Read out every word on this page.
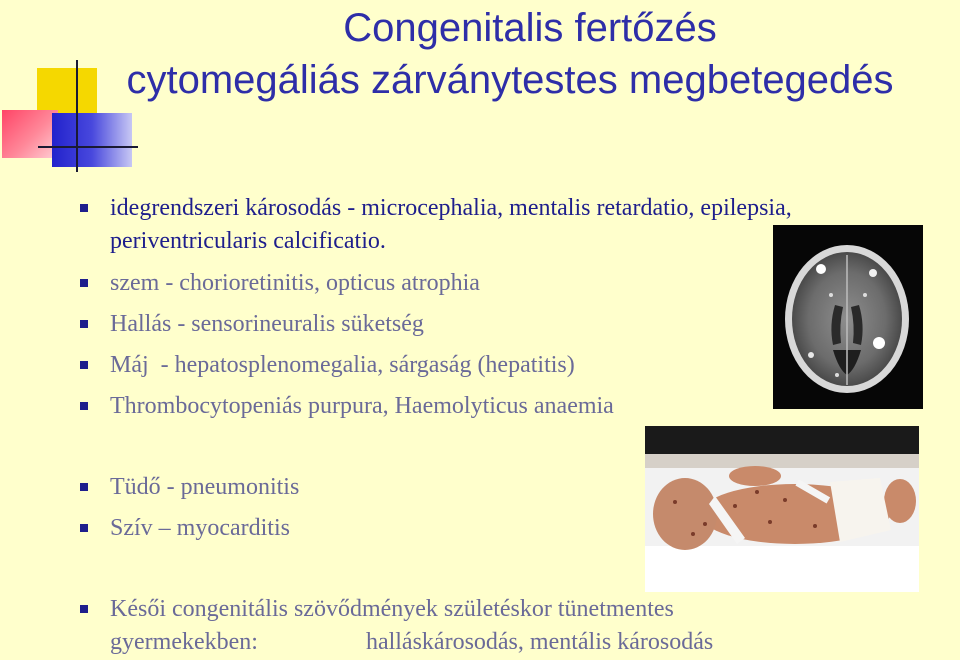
Congenitalis fertőzés
cytomegáliás zárványtestes megbetegedés
idegrendszeri károsodás - microcephalia, mentalis retardatio, epilepsia,
periventricularis calcificatio.
szem - chorioretinitis, opticus atrophia
Hallás - sensorineuralis süketség
Máj  - hepatosplenomegalia, sárgaság (hepatitis)
Thrombocytopeniás purpura, Haemolyticus anaemia
Tüdő - pneumonitis
Szív – myocarditis
Késői congenitális szövődmények születéskor tünetmentes
gyermekekben:	halláskárosodás, mentális károsodás
